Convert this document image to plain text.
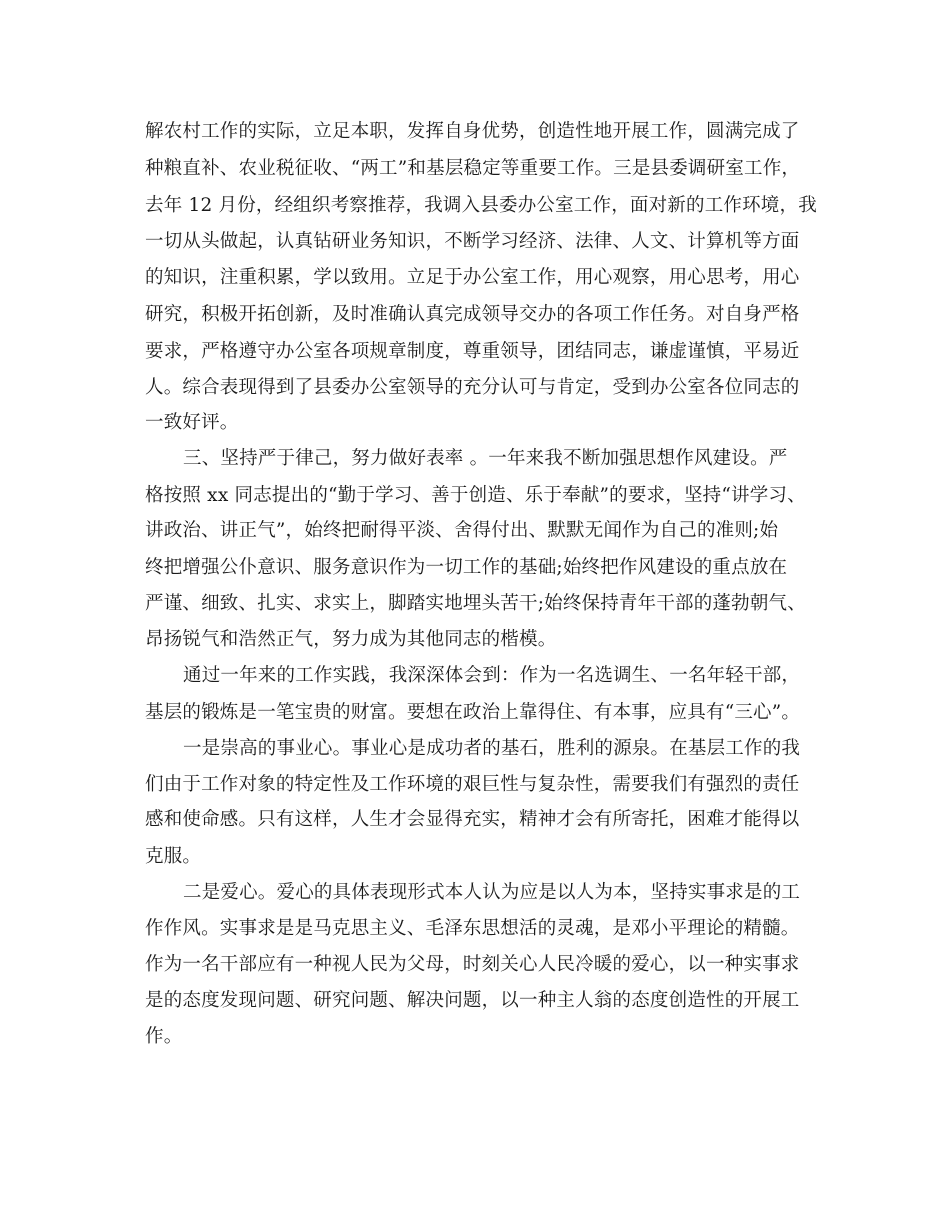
解农村工作的实际，立足本职，发挥自身优势，创造性地开展工作，圆满完成了
种粮直补、农业税征收、“两工”和基层稳定等重要工作。三是县委调研室工作，
去年 12 月份，经组织考察推荐，我调入县委办公室工作，面对新的工作环境，我
一切从头做起，认真钻研业务知识，不断学习经济、法律、人文、计算机等方面
的知识，注重积累，学以致用。立足于办公室工作，用心观察，用心思考，用心
研究，积极开拓创新，及时准确认真完成领导交办的各项工作任务。对自身严格
要求，严格遵守办公室各项规章制度，尊重领导，团结同志，谦虚谨慎，平易近
人。综合表现得到了县委办公室领导的充分认可与肯定，受到办公室各位同志的
一致好评。
三、坚持严于律己，努力做好表率 。一年来我不断加强思想作风建设。严
格按照 xx 同志提出的“勤于学习、善于创造、乐于奉献”的要求，坚持“讲学习、
讲政治、讲正气”，始终把耐得平淡、舍得付出、默默无闻作为自己的准则;始
终把增强公仆意识、服务意识作为一切工作的基础;始终把作风建设的重点放在
严谨、细致、扎实、求实上，脚踏实地埋头苦干;始终保持青年干部的蓬勃朝气、
昂扬锐气和浩然正气，努力成为其他同志的楷模。
通过一年来的工作实践，我深深体会到：作为一名选调生、一名年轻干部，
基层的锻炼是一笔宝贵的财富。要想在政治上靠得住、有本事，应具有“三心”。
一是崇高的事业心。事业心是成功者的基石，胜利的源泉。在基层工作的我
们由于工作对象的特定性及工作环境的艰巨性与复杂性，需要我们有强烈的责任
感和使命感。只有这样，人生才会显得充实，精神才会有所寄托，困难才能得以
克服。
二是爱心。爱心的具体表现形式本人认为应是以人为本，坚持实事求是的工
作作风。实事求是是马克思主义、毛泽东思想活的灵魂，是邓小平理论的精髓。
作为一名干部应有一种视人民为父母，时刻关心人民冷暖的爱心，以一种实事求
是的态度发现问题、研究问题、解决问题，以一种主人翁的态度创造性的开展工
作。
